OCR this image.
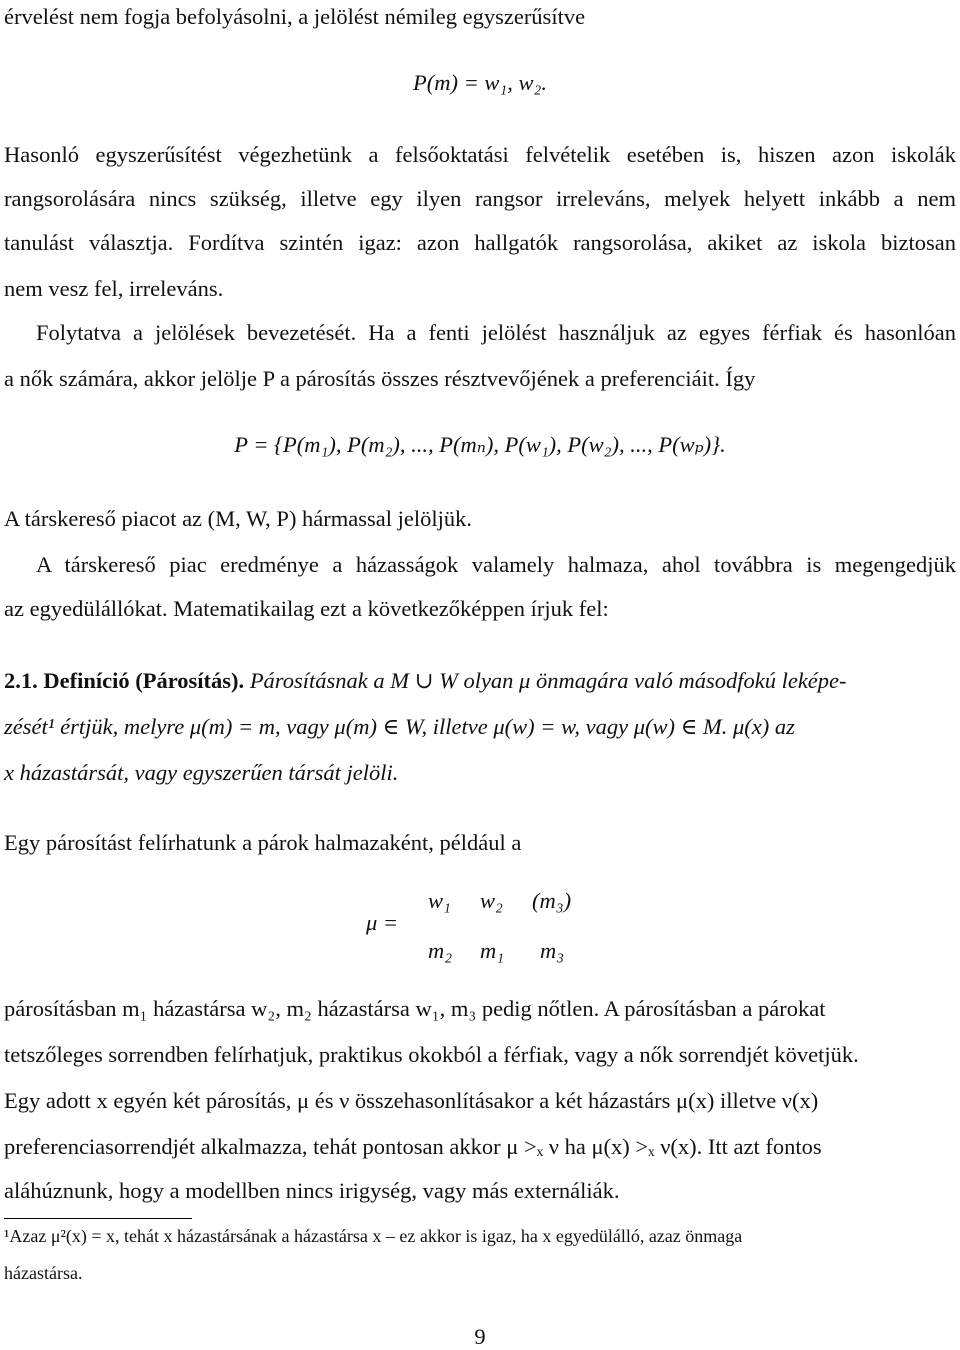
érvelést nem fogja befolyásolni, a jelölést némileg egyszerűsítve
P(m) = w₁, w₂.
Hasonló egyszerűsítést végezhetünk a felsőoktatási felvételik esetében is, hiszen azon iskolák
rangsorolására nincs szükség, illetve egy ilyen rangsor irreleváns, melyek helyett inkább a nem
tanulást választja. Fordítva szintén igaz: azon hallgatók rangsorolása, akiket az iskola biztosan
nem vesz fel, irreleváns.
Folytatva a jelölések bevezetését. Ha a fenti jelölést használjuk az egyes férfiak és hasonlóan
a nők számára, akkor jelölje P a párosítás összes résztvevőjének a preferenciáit. Így
P = {P(m₁), P(m₂), ..., P(mₙ), P(w₁), P(w₂), ..., P(wₚ)}.
A társkereső piacot az (M, W, P) hármassal jelöljük.
A társkereső piac eredménye a házasságok valamely halmaza, ahol továbbra is megengedjük
az egyedülállókat. Matematikailag ezt a következőképpen írjuk fel:
2.1. Definíció (Párosítás). Párosításnak a M ∪ W olyan μ önmagára való másodfokú leképe-
zését¹ értjük, melyre μ(m) = m, vagy μ(m) ∈ W, illetve μ(w) = w, vagy μ(w) ∈ M. μ(x) az
x házastársát, vagy egyszerűen társát jelöli.
Egy párosítást felírhatunk a párok halmazaként, például a
párosításban m₁ házastársa w₂, m₂ házastársa w₁, m₃ pedig nőtlen. A párosításban a párokat
tetszőleges sorrendben felírhatjuk, praktikus okokból a férfiak, vagy a nők sorrendjét követjük.
Egy adott x egyén két párosítás, μ és ν összehasonlításakor a két házastárs μ(x) illetve ν(x)
preferenciasorrendjét alkalmazza, tehát pontosan akkor μ >ₓ ν ha μ(x) >ₓ ν(x). Itt azt fontos
aláhúznunk, hogy a modellben nincs irigység, vagy más externáliák.
¹Azaz μ²(x) = x, tehát x házastársának a házastársa x – ez akkor is igaz, ha x egyedülálló, azaz önmaga
házastársa.
μ =
w₁ w₂ (m₃)
m₂ m₁ m₃
9
